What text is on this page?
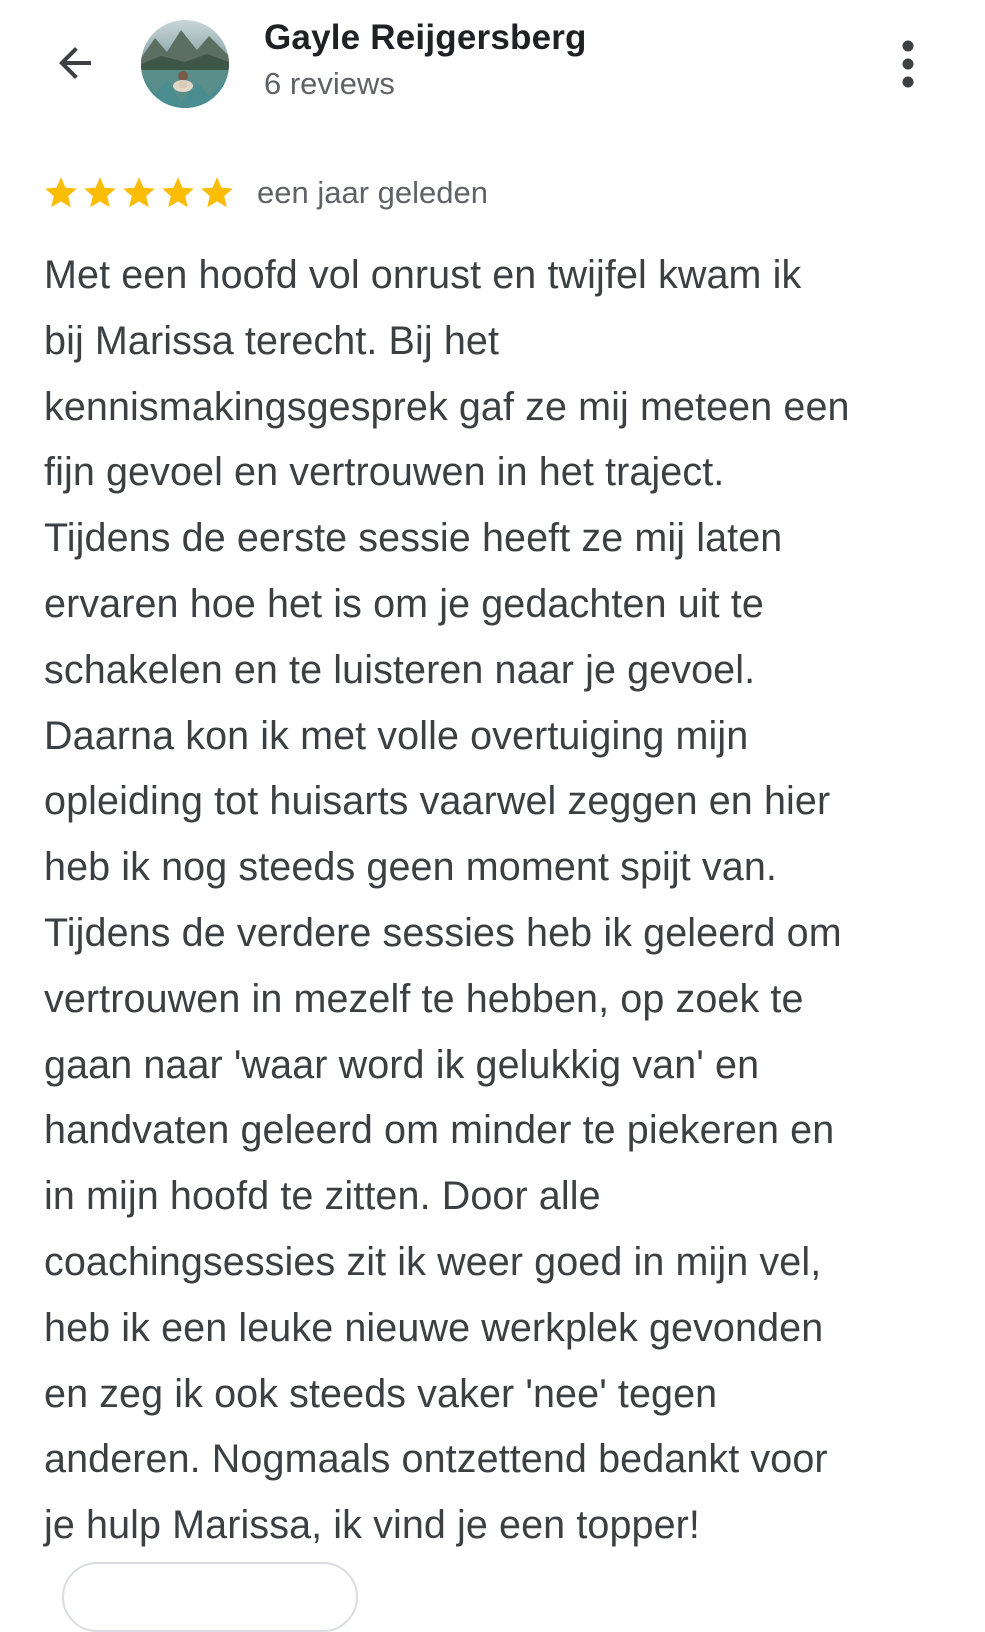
Gayle Reijgersberg
6 reviews
een jaar geleden
Met een hoofd vol onrust en twijfel kwam ik
bij Marissa terecht. Bij het
kennismakingsgesprek gaf ze mij meteen een
fijn gevoel en vertrouwen in het traject.
Tijdens de eerste sessie heeft ze mij laten
ervaren hoe het is om je gedachten uit te
schakelen en te luisteren naar je gevoel.
Daarna kon ik met volle overtuiging mijn
opleiding tot huisarts vaarwel zeggen en hier
heb ik nog steeds geen moment spijt van.
Tijdens de verdere sessies heb ik geleerd om
vertrouwen in mezelf te hebben, op zoek te
gaan naar 'waar word ik gelukkig van' en
handvaten geleerd om minder te piekeren en
in mijn hoofd te zitten. Door alle
coachingsessies zit ik weer goed in mijn vel,
heb ik een leuke nieuwe werkplek gevonden
en zeg ik ook steeds vaker 'nee' tegen
anderen. Nogmaals ontzettend bedankt voor
je hulp Marissa, ik vind je een topper!
